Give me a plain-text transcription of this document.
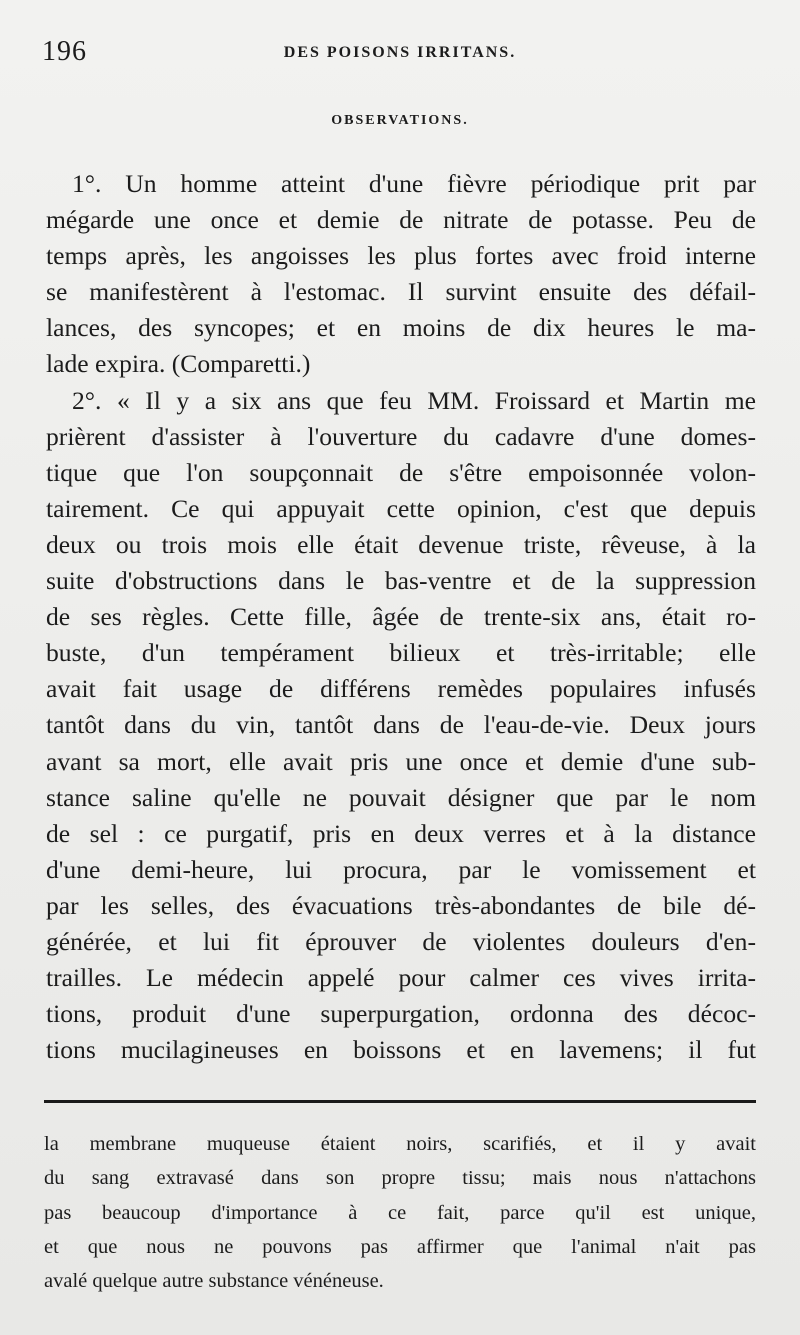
196	DES POISONS IRRITANS.
OBSERVATIONS.
1°. Un homme atteint d'une fièvre périodique prit par
mégarde une once et demie de nitrate de potasse. Peu de
temps après, les angoisses les plus fortes avec froid interne
se manifestèrent à l'estomac. Il survint ensuite des défail-
lances, des syncopes; et en moins de dix heures le ma-
lade expira. (Comparetti.)
2°. « Il y a six ans que feu MM. Froissard et Martin me
prièrent d'assister à l'ouverture du cadavre d'une domes-
tique que l'on soupçonnait de s'être empoisonnée volon-
tairement. Ce qui appuyait cette opinion, c'est que depuis
deux ou trois mois elle était devenue triste, rêveuse, à la
suite d'obstructions dans le bas-ventre et de la suppression
de ses règles. Cette fille, âgée de trente-six ans, était ro-
buste, d'un tempérament bilieux et très-irritable; elle
avait fait usage de différens remèdes populaires infusés
tantôt dans du vin, tantôt dans de l'eau-de-vie. Deux jours
avant sa mort, elle avait pris une once et demie d'une sub-
stance saline qu'elle ne pouvait désigner que par le nom
de sel : ce purgatif, pris en deux verres et à la distance
d'une demi-heure, lui procura, par le vomissement et
par les selles, des évacuations très-abondantes de bile dé-
générée, et lui fit éprouver de violentes douleurs d'en-
trailles. Le médecin appelé pour calmer ces vives irrita-
tions, produit d'une superpurgation, ordonna des décoc-
tions mucilagineuses en boissons et en lavemens; il fut
la membrane muqueuse étaient noirs, scarifiés, et il y avait
du sang extravasé dans son propre tissu; mais nous n'attachons
pas beaucoup d'importance à ce fait, parce qu'il est unique,
et que nous ne pouvons pas affirmer que l'animal n'ait pas
avalé quelque autre substance vénéneuse.
